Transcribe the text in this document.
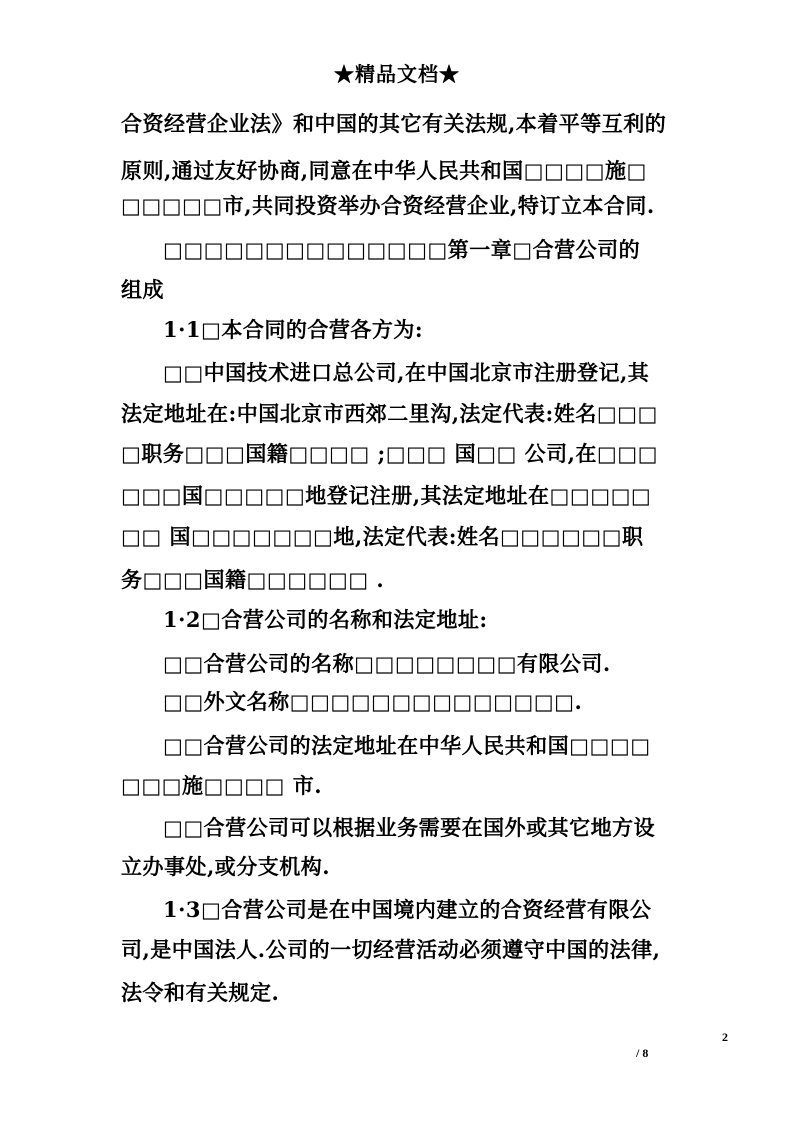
★精品文档★
合资经营企业法》和中国的其它有关法规,本着平等互利的
原则,通过友好协商,同意在中华人民共和国□□□□施□
□□□□□市,共同投资举办合资经营企业,特订立本合同.
□□□□□□□□□□□□□□第一章□合营公司的
组成
1·1□本合同的合营各方为:
□□中国技术进口总公司,在中国北京市注册登记,其
法定地址在:中国北京市西郊二里沟,法定代表:姓名□□□
□职务□□□国籍□□□□ ;□□□ 国□□ 公司,在□□□
□□□国□□□□□地登记注册,其法定地址在□□□□□
□□ 国□□□□□□□地,法定代表:姓名□□□□□□职
务□□□国籍□□□□□□ .
1·2□合营公司的名称和法定地址:
□□合营公司的名称□□□□□□□□有限公司.
□□外文名称□□□□□□□□□□□□□□.
□□合营公司的法定地址在中华人民共和国□□□□
□□□施□□□□ 市.
□□合营公司可以根据业务需要在国外或其它地方设
立办事处,或分支机构.
1·3□合营公司是在中国境内建立的合资经营有限公
司,是中国法人.公司的一切经营活动必须遵守中国的法律,
法令和有关规定.
2
/ 8
